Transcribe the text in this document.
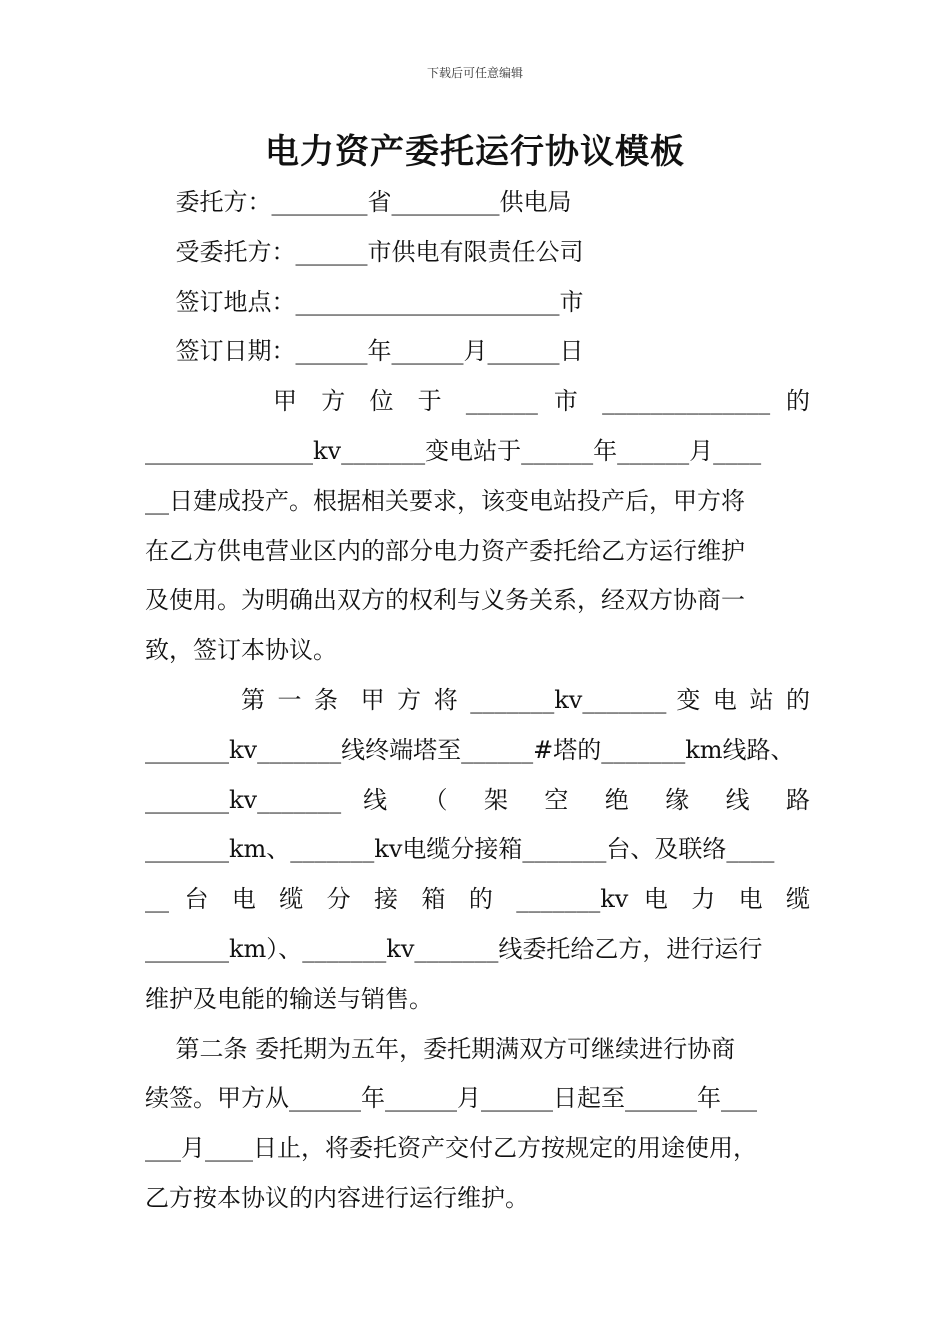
下载后可任意编辑
电力资产委托运行协议模板
委托方：________省_________供电局
受委托方：______市供电有限责任公司
签订地点：______________________市
签订日期：______年______月______日
甲 方 位 于 ______ 市 ______________ 的
______________kv_______变电站于______年______月____
__日建成投产。根据相关要求，该变电站投产后，甲方将
在乙方供电营业区内的部分电力资产委托给乙方运行维护
及使用。为明确出双方的权利与义务关系，经双方协商一
致，签订本协议。
第 一 条  甲 方 将 _______kv_______ 变 电 站 的
_______kv_______线终端塔至______#塔的_______km线路、
_______kv_______ 线 （ 架 空 绝 缘 线 路
_______km、_______kv电缆分接箱_______台、及联络____
__ 台 电 缆 分 接 箱 的 _______kv 电 力 电 缆
_______km）、_______kv_______线委托给乙方，进行运行
维护及电能的输送与销售。
第二条 委托期为五年，委托期满双方可继续进行协商
续签。甲方从______年______月______日起至______年___
___月____日止，将委托资产交付乙方按规定的用途使用，
乙方按本协议的内容进行运行维护。
